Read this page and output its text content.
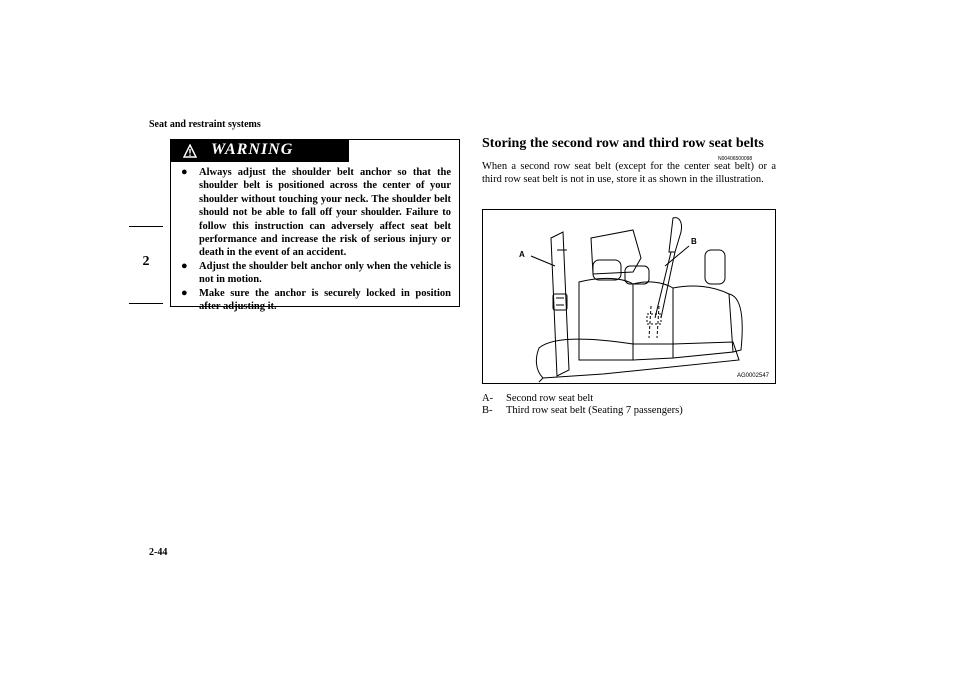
Seat and restraint systems
2
WARNING
● Always adjust the shoulder belt anchor so that the shoulder belt is positioned across the center of your shoulder without touching your neck. The shoulder belt should not be able to fall off your shoulder. Failure to follow this instruction can adversely affect seat belt performance and increase the risk of serious injury or death in the event of an accident.
● Adjust the shoulder belt anchor only when the vehicle is not in motion.
● Make sure the anchor is securely locked in position after adjusting it.
Storing the second row and third row seat belts
N00406500098
When a second row seat belt (except for the center seat belt) or a third row seat belt is not in use, store it as shown in the illustration.
A
B
AG0002547
A-	Second row seat belt
B-	Third row seat belt (Seating 7 passengers)
2-44
